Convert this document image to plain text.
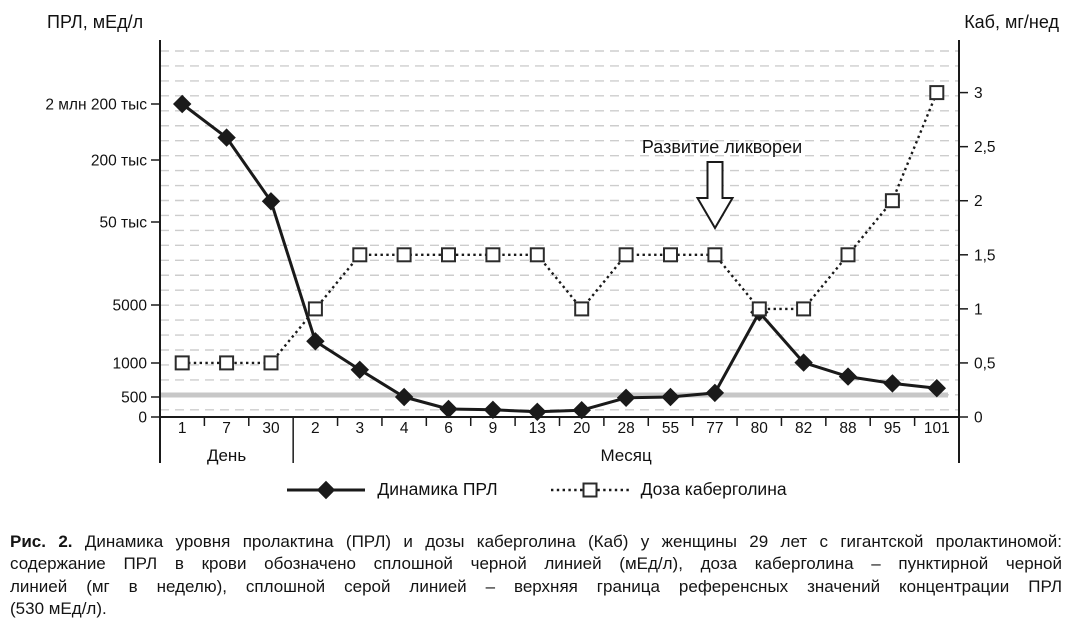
ПРЛ, мЕд/л	Каб, мг/нед
0
500
1000
5000
50 тыс
200 тыс
2 млн 200 тыс
3
2,5
2
1,5
1
0,5
0
1 7 30 2 3 4 6 9 13 20 28 55 77 80 82 88 95 101
День	Месяц
Развитие ликвореи
Динамика ПРЛ	Доза каберголина
Рис. 2. Динамика уровня пролактина (ПРЛ) и дозы каберголина (Каб) у женщины 29 лет с гигантской пролактиномой:
содержание ПРЛ в крови обозначено сплошной черной линией (мЕд/л), доза каберголина – пунктирной черной
линией (мг в неделю), сплошной серой линией – верхняя граница референсных значений концентрации ПРЛ
(530 мЕд/л).
